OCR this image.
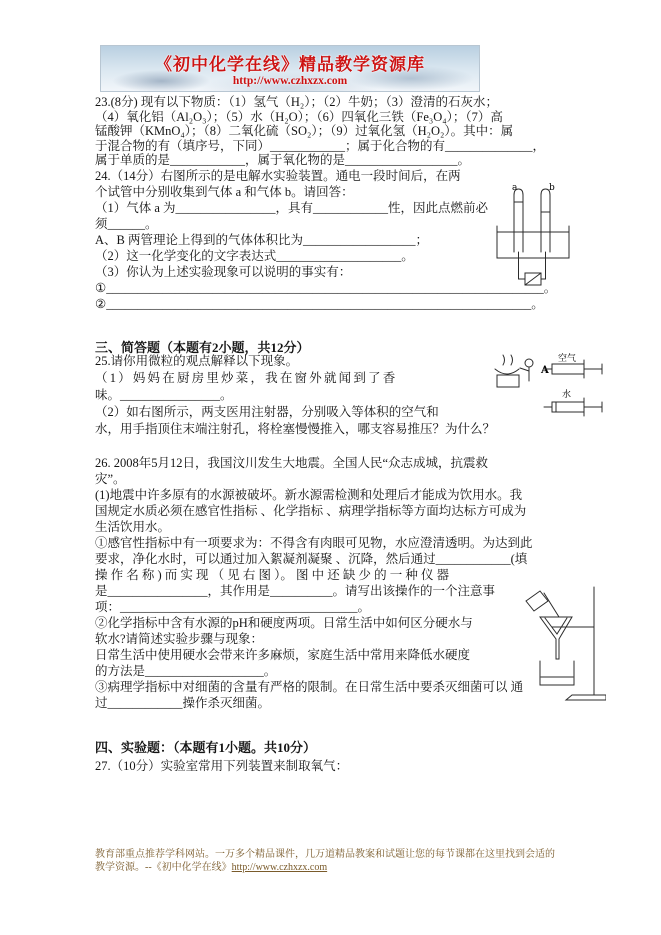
《初中化学在线》精品教学资源库
http://www.czhxzx.com
23.(8分) 现有以下物质：（1）氢气（H₂）；（2）牛奶；（3）澄清的石灰水；
（4）氧化铝（Al₂O₃）；（5）水（H₂O）；（6）四氧化三铁（Fe₃O₄）；（7）高
锰酸钾（KMnO₄）；（8）二氧化硫（SO₂）；（9）过氧化氢（H₂O₂）。其中：属
于混合物的有（填序号，下同）____________；属于化合物的有______________，
属于单质的是____________，属于氧化物的是__________________。
24.（14分）右图所示的是电解水实验装置。通电一段时间后，在两
个试管中分别收集到气体 a 和气体 b。请回答：
（1）气体 a 为________________，具有____________性，因此点燃前必
须______。
A、B 两管理论上得到的气体体积比为__________________；
（2）这一化学变化的文字表达式____________________。
（3）你认为上述实验现象可以说明的事实有：
①______________________________________________________________________。
②____________________________________________________________________。
a	b
三、简答题（本题有2小题，共12分）
25.请你用微粒的观点解释以下现象。
（1）妈妈在厨房里炒菜，我在窗外就闻到了香
味。________________。
（2）如右图所示，两支医用注射器，分别吸入等体积的空气和
水，用手指顶住末端注射孔，将栓塞慢慢推入，哪支容易推压？为什么？
A
空气
水
26. 2008年5月12日，我国汶川发生大地震。全国人民“众志成城，抗震救
灾”。
(1)地震中许多原有的水源被破坏。新水源需检测和处理后才能成为饮用水。我
国规定水质必须在感官性指标 、化学指标 、病理学指标等方面均达标方可成为
生活饮用水。
①感官性指标中有一项要求为：不得含有肉眼可见物，水应澄清透明。为达到此
要求，净化水时，可以通过加入絮凝剂凝聚 、沉降，然后通过____________(填
操 作 名 称 ) 而 实 现 （ 见 右 图 ）。 图 中 还 缺 少 的 一 种 仪 器
是________________，其作用是__________。请写出该操作的一个注意事
项：______________________________________。
②化学指标中含有水源的pH和硬度两项。日常生活中如何区分硬水与
软水?请简述实验步骤与现象：
日常生活中使用硬水会带来许多麻烦，家庭生活中常用来降低水硬度
的方法是___________________。
③病理学指标中对细菌的含量有严格的限制。在日常生活中要杀灭细菌可以 通
过____________操作杀灭细菌。
四、实验题：（本题有1小题。共10分）
27.（10分）实验室常用下列装置来制取氧气：
教育部重点推荐学科网站。一万多个精品课件，几万道精品教案和试题让您的每节课都在这里找到会适的
教学资源。--《初中化学在线》http://www.czhxzx.com
